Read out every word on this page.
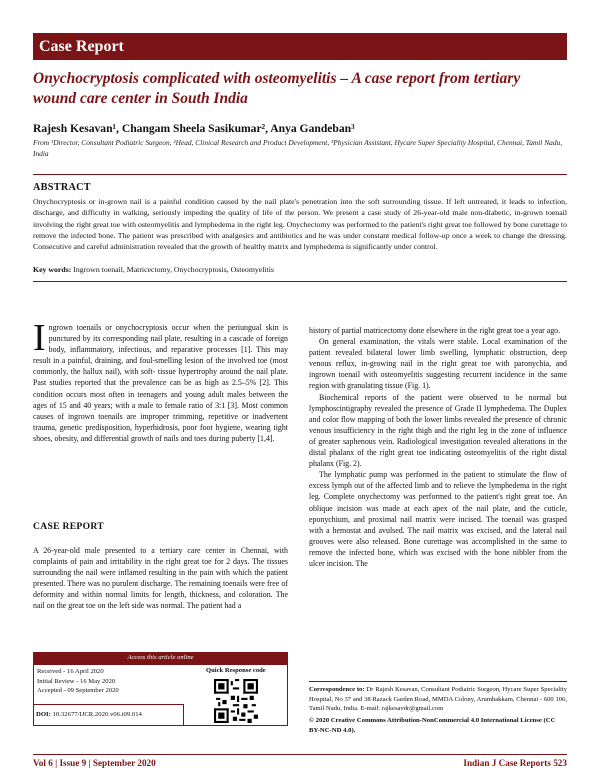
Case Report
Onychocryptosis complicated with osteomyelitis – A case report from tertiary wound care center in South India
Rajesh Kesavan¹, Changam Sheela Sasikumar², Anya Gandeban³
From ¹Director, Consultant Podiatric Surgeon, ²Head, Clinical Research and Product Development, ³Physician Assistant, Hycare Super Speciality Hospital, Chennai, Tamil Nadu, India
ABSTRACT
Onychocryptosis or in-grown nail is a painful condition caused by the nail plate's penetration into the soft surrounding tissue. If left untreated, it leads to infection, discharge, and difficulty in walking, seriously impeding the quality of life of the person. We present a case study of 26-year-old male non-diabetic, in-grown toenail involving the right great toe with osteomyelitis and lymphedema in the right leg. Onychectomy was performed to the patient's right great toe followed by bone curettage to remove the infected bone. The patient was prescribed with analgesics and antibiotics and he was under constant medical follow-up once a week to change the dressing. Consecutive and careful administration revealed that the growth of healthy matrix and lymphedema is significantly under control.
Key words: Ingrown toenail, Matricectomy, Onychocryptosis, Osteomyelitis

Ingrown toenails or onychocryptosis occur when the periungual skin is punctured by its corresponding nail plate, resulting in a cascade of foreign body, inflammatory, infectious, and reparative processes [1]. This may result in a painful, draining, and foul-smelling lesion of the involved toe (most commonly, the hallux nail), with soft- tissue hypertrophy around the nail plate. Past studies reported that the prevalence can be as high as 2.5–5% [2]. This condition occurs most often in teenagers and young adult males between the ages of 15 and 40 years; with a male to female ratio of 3:1 [3]. Most common causes of ingrown toenails are improper trimming, repetitive or inadvertent trauma, genetic predisposition, hyperhidrosis, poor foot hygiene, wearing tight shoes, obesity, and differential growth of nails and toes during puberty [1,4].

CASE REPORT

A 26-year-old male presented to a tertiary care center in Chennai, with complaints of pain and irritability in the right great toe for 2 days. The tissues surrounding the nail were inflamed resulting in the pain with which the patient presented. There was no purulent discharge. The remaining toenails were free of deformity and within normal limits for length, thickness, and coloration. The nail on the great toe on the left side was normal. The patient had a

Access this article online
Received - 16 April 2020
Initial Review - 16 May 2020
Accepted - 09 September 2020
Quick Response code
DOI: 10.32677/IJCR.2020.v06.i09.014

history of partial matricectomy done elsewhere in the right great toe a year ago.

On general examination, the vitals were stable. Local examination of the patient revealed bilateral lower limb swelling, lymphatic obstruction, deep venous reflux, in-growing nail in the right great toe with paronychia, and ingrown toenail with osteomyelitis suggesting recurrent incidence in the same region with granulating tissue (Fig. 1).

Biochemical reports of the patient were observed to be normal but lymphoscintigraphy revealed the presence of Grade II lymphedema. The Duplex and color flow mapping of both the lower limbs revealed the presence of chronic venous insufficiency in the right thigh and the right leg in the zone of influence of greater saphenous vein. Radiological investigation revealed alterations in the distal phalanx of the right great toe indicating osteomyelitis of the right distal phalanx (Fig. 2).

The lymphatic pump was performed in the patient to stimulate the flow of excess lymph out of the affected limb and to relieve the lymphedema in the right leg. Complete onychectomy was performed to the patient's right great toe. An oblique incision was made at each apex of the nail plate, and the cuticle, eponychium, and proximal nail matrix were incised. The toenail was grasped with a hemostat and avulsed. The nail matrix was excised, and the lateral nail grooves were also released. Bone curettage was accomplished in the same to remove the infected bone, which was excised with the bone nibbler from the ulcer incision. The

Correspondence to: Dr Rajesh Kesavan, Consultant Podiatric Surgeon, Hycare Super Speciality Hospital, No 37 and 38 Razack Garden Road, MMDA Colony, Arumbakkam, Chennai - 600 106, Tamil Nadu, India. E-mail: rajkesavdr@gmail.com
© 2020 Creative Commons Attribution-NonCommercial 4.0 International License (CC BY-NC-ND 4.0).
Vol 6 | Issue 9 | September 2020	Indian J Case Reports 523
